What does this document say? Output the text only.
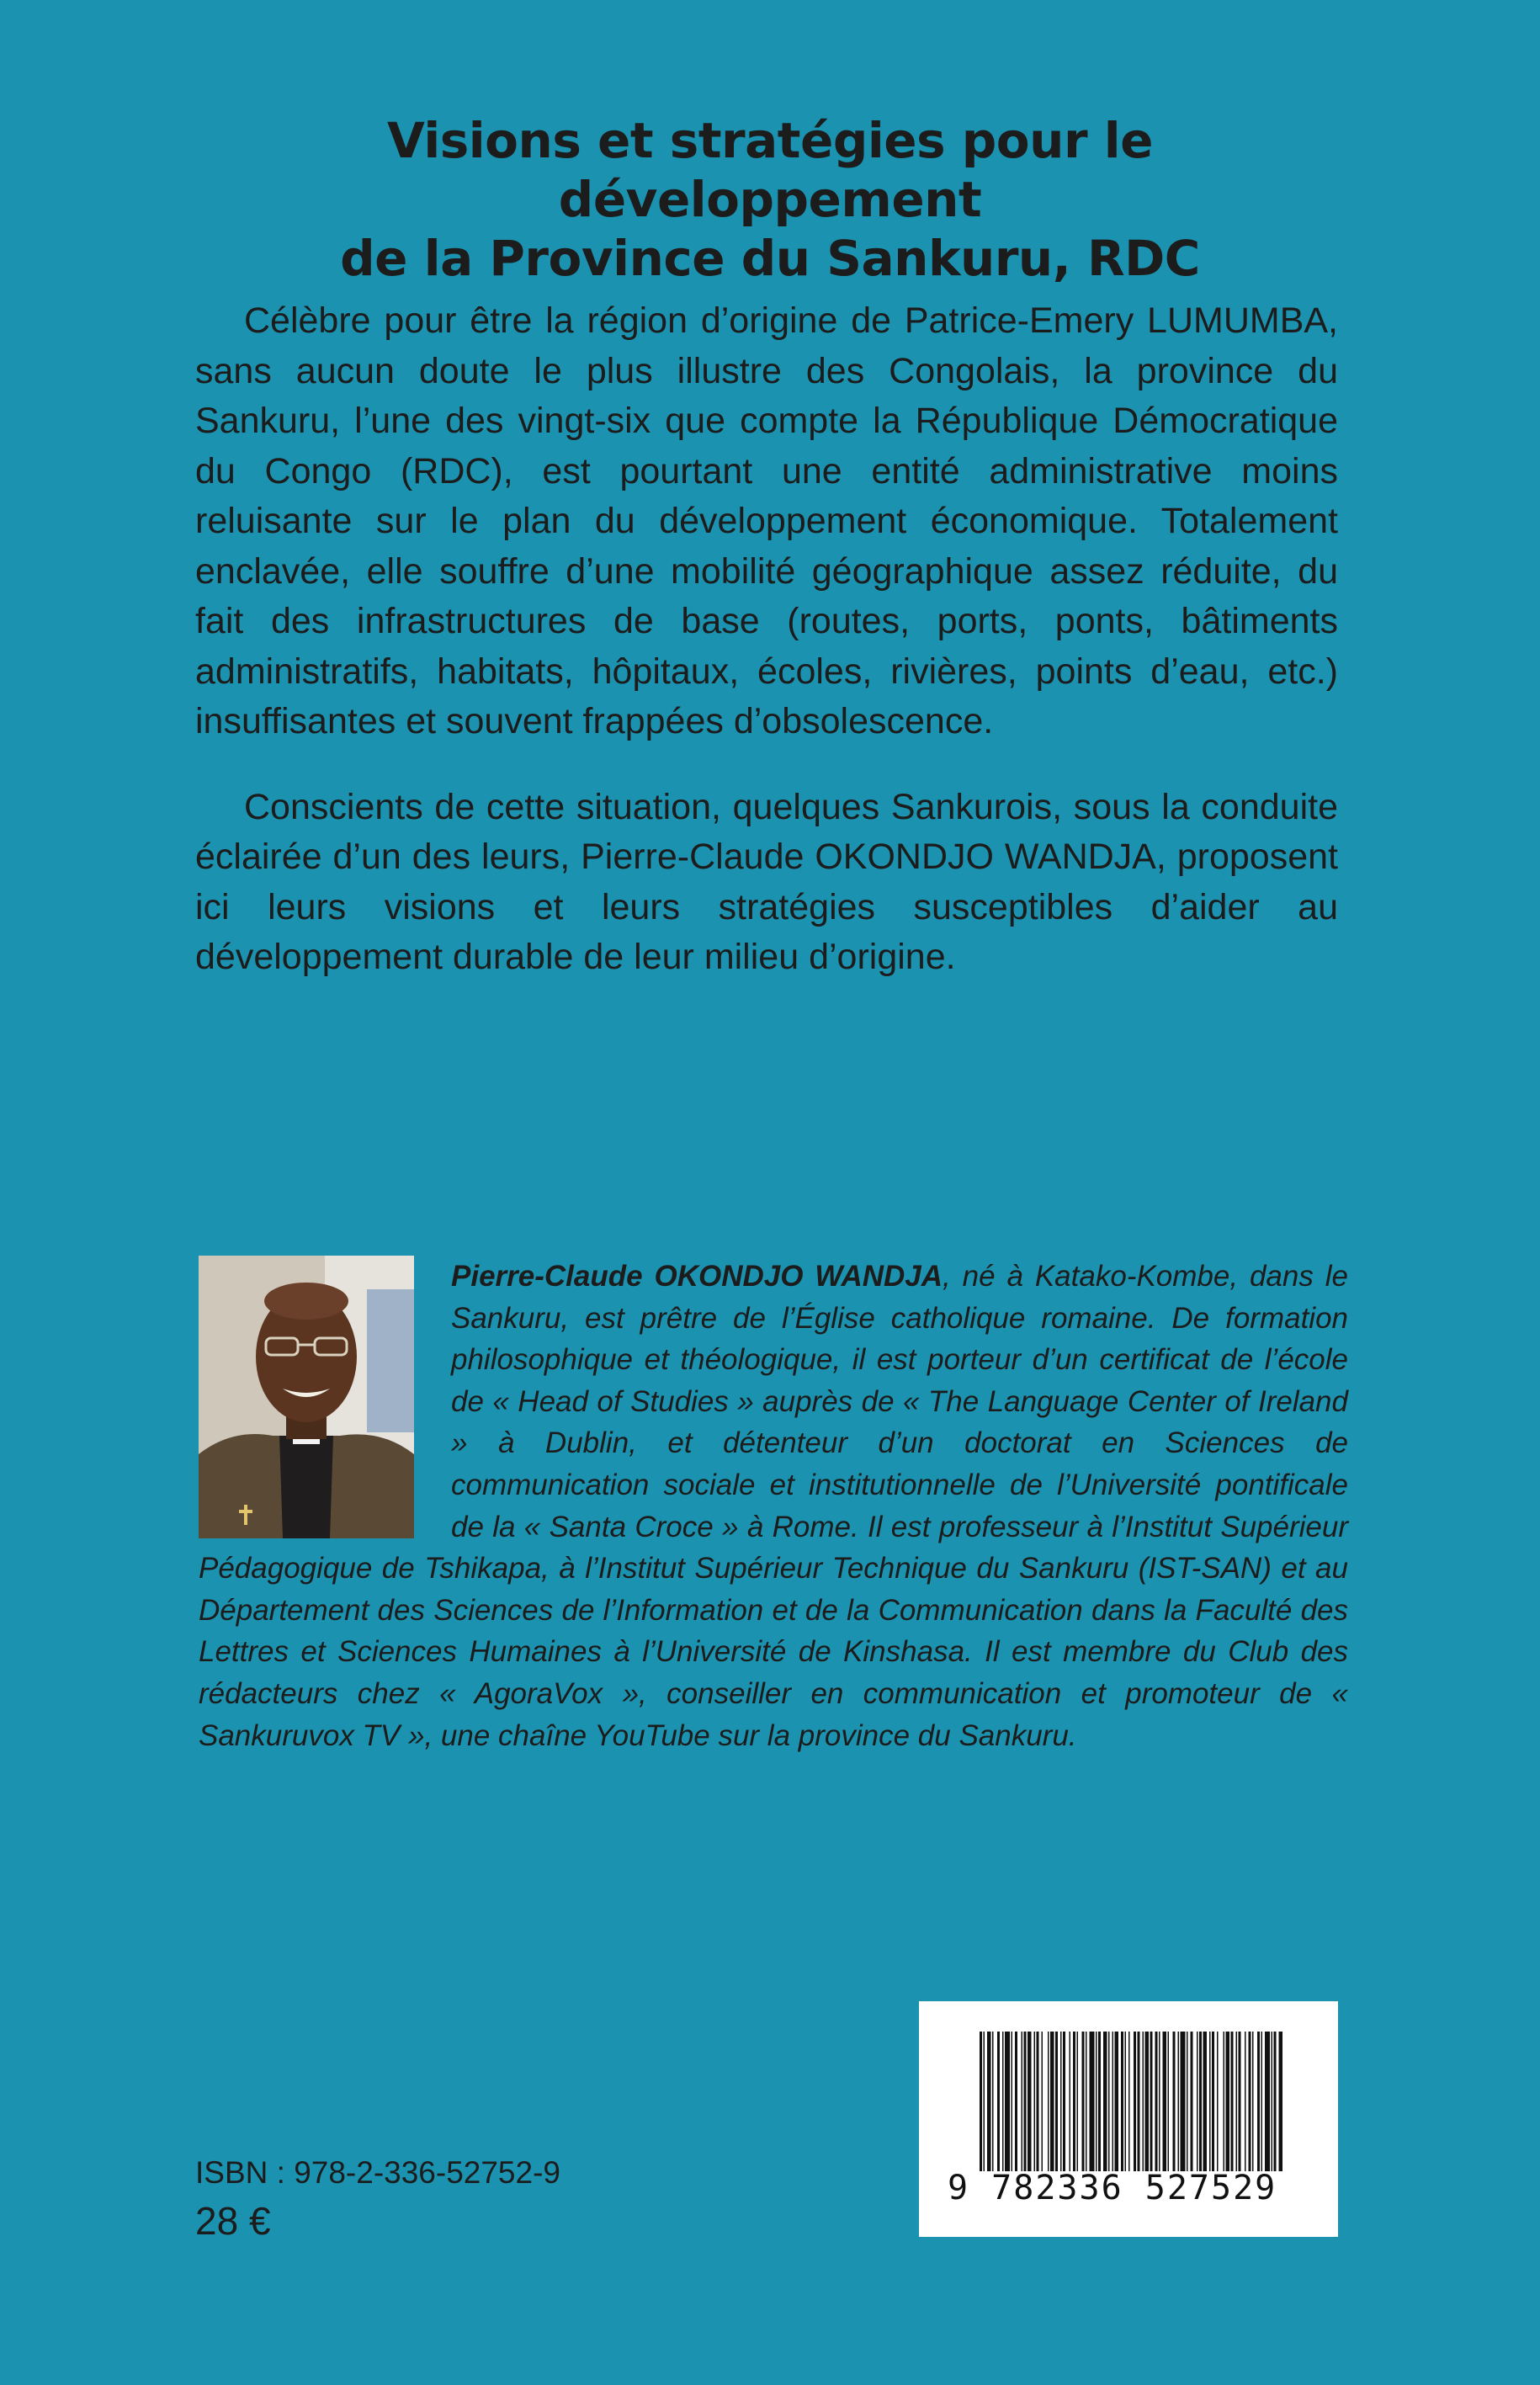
Visions et stratégies pour le développement
de la Province du Sankuru, RDC

Célèbre pour être la région d’origine de Patrice-Emery LUMUMBA, sans aucun doute le plus illustre des Congolais, la province du Sankuru, l’une des vingt-six que compte la République Démocratique du Congo (RDC), est pourtant une entité administrative moins reluisante sur le plan du développement économique. Totalement enclavée, elle souffre d’une mobilité géographique assez réduite, du fait des infrastructures de base (routes, ports, ponts, bâtiments administratifs, habitats, hôpitaux, écoles, rivières, points d’eau, etc.) insuffisantes et souvent frappées d’obsolescence.

Conscients de cette situation, quelques Sankurois, sous la conduite éclairée d’un des leurs, Pierre-Claude OKONDJO WANDJA, proposent ici leurs visions et leurs stratégies susceptibles d’aider au développement durable de leur milieu d’origine.

Pierre-Claude OKONDJO WANDJA, né à Katako-Kombe, dans le Sankuru, est prêtre de l’Église catholique romaine. De formation philosophique et théologique, il est porteur d’un certificat de l’école de « Head of Studies » auprès de « The Language Center of Ireland » à Dublin, et détenteur d’un doctorat en Sciences de communication sociale et institutionnelle de l’Université pontificale de la « Santa Croce » à Rome. Il est professeur à l’Institut Supérieur Pédagogique de Tshikapa, à l’Institut Supérieur Technique du Sankuru (IST-SAN) et au Département des Sciences de l’Information et de la Communication dans la Faculté des Lettres et Sciences Humaines à l’Université de Kinshasa. Il est membre du Club des rédacteurs chez « AgoraVox », conseiller en communication et promoteur de « Sankuruvox TV », une chaîne YouTube sur la province du Sankuru.
ISBN : 978-2-336-52752-9
28 €
9 782336 527529
